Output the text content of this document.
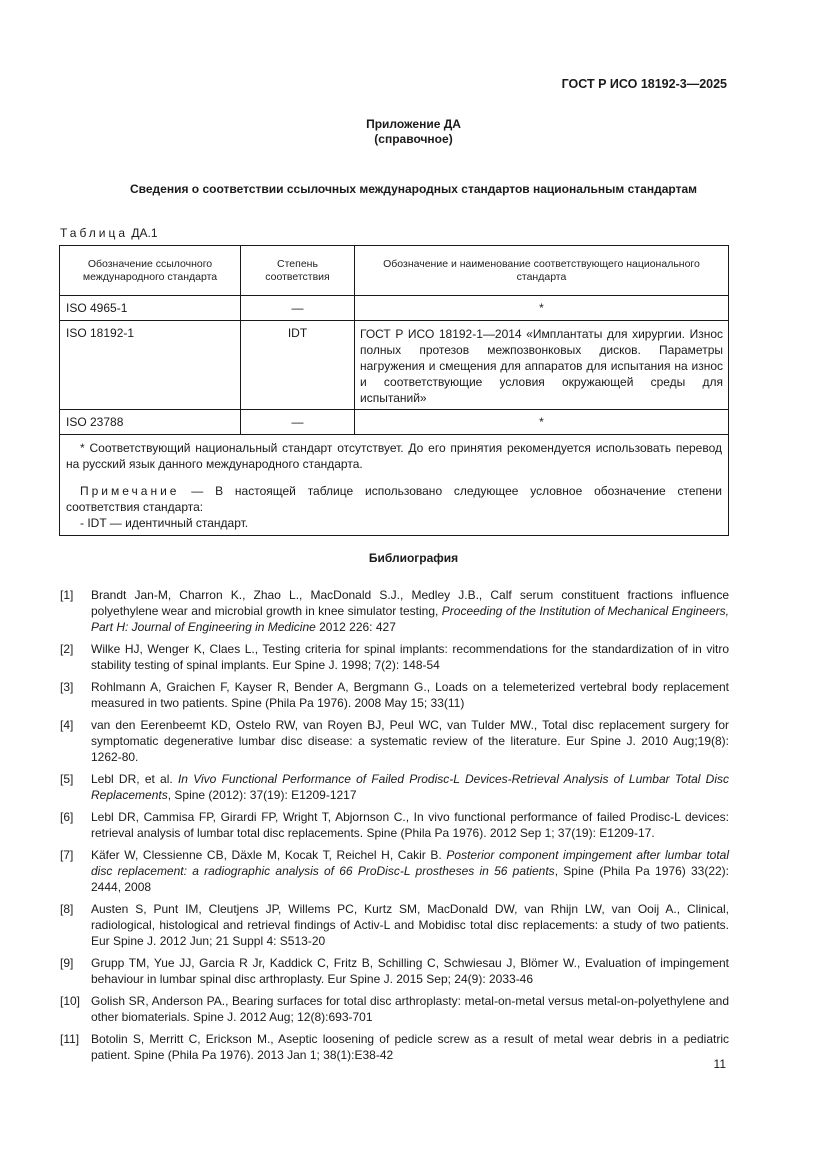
ГОСТ Р ИСО 18192-3—2025
Приложение ДА
(справочное)
Сведения о соответствии ссылочных международных стандартов национальным стандартам
Таблица ДА.1
Обозначение ссылочного международного стандарта	Степень соответствия	Обозначение и наименование соответствующего национального стандарта
ISO 4965-1	—	*
ISO 18192-1	IDT	ГОСТ Р ИСО 18192-1—2014 «Имплантаты для хирургии. Износ полных протезов межпозвонковых дисков. Параметры нагружения и смещения для аппаратов для испытания на износ и соответствующие условия окружающей среды для испытаний»
ISO 23788	—	*

* Соответствующий национальный стандарт отсутствует. До его принятия рекомендуется использовать перевод на русский язык данного международного стандарта.

Примечание — В настоящей таблице использовано следующее условное обозначение степени соответствия стандарта:

- IDT — идентичный стандарт.		

Библиография
[1]	Brandt Jan-M, Charron K., Zhao L., MacDonald S.J., Medley J.B., Calf serum constituent fractions influence polyethylene wear and microbial growth in knee simulator testing, Proceeding of the Institution of Mechanical Engineers, Part H: Journal of Engineering in Medicine 2012 226: 427
[2]	Wilke HJ, Wenger K, Claes L., Testing criteria for spinal implants: recommendations for the standardization of in vitro stability testing of spinal implants. Eur Spine J. 1998; 7(2): 148-54
[3]	Rohlmann A, Graichen F, Kayser R, Bender A, Bergmann G., Loads on a telemeterized vertebral body replacement measured in two patients. Spine (Phila Pa 1976). 2008 May 15; 33(11)
[4]	van den Eerenbeemt KD, Ostelo RW, van Royen BJ, Peul WC, van Tulder MW., Total disc replacement surgery for symptomatic degenerative lumbar disc disease: a systematic review of the literature. Eur Spine J. 2010 Aug;19(8): 1262-80.
[5]	Lebl DR, et al. In Vivo Functional Performance of Failed Prodisc-L Devices-Retrieval Analysis of Lumbar Total Disc Replacements, Spine (2012): 37(19): E1209-1217
[6]	Lebl DR, Cammisa FP, Girardi FP, Wright T, Abjornson C., In vivo functional performance of failed Prodisc-L devices: retrieval analysis of lumbar total disc replacements. Spine (Phila Pa 1976). 2012 Sep 1; 37(19): E1209-17.
[7]	Käfer W, Clessienne CB, Däxle M, Kocak T, Reichel H, Cakir B. Posterior component impingement after lumbar total disc replacement: a radiographic analysis of 66 ProDisc-L prostheses in 56 patients, Spine (Phila Pa 1976) 33(22): 2444, 2008
[8]	Austen S, Punt IM, Cleutjens JP, Willems PC, Kurtz SM, MacDonald DW, van Rhijn LW, van Ooij A., Clinical, radiological, histological and retrieval findings of Activ-L and Mobidisc total disc replacements: a study of two patients. Eur Spine J. 2012 Jun; 21 Suppl 4: S513-20
[9]	Grupp TM, Yue JJ, Garcia R Jr, Kaddick C, Fritz B, Schilling C, Schwiesau J, Blömer W., Evaluation of impingement behaviour in lumbar spinal disc arthroplasty. Eur Spine J. 2015 Sep; 24(9): 2033-46
[10] Golish SR, Anderson PA., Bearing surfaces for total disc arthroplasty: metal-on-metal versus metal-on-polyethylene and other biomaterials. Spine J. 2012 Aug; 12(8):693-701
[11] Botolin S, Merritt C, Erickson M., Aseptic loosening of pedicle screw as a result of metal wear debris in a pediatric patient. Spine (Phila Pa 1976). 2013 Jan 1; 38(1):E38-42
11
